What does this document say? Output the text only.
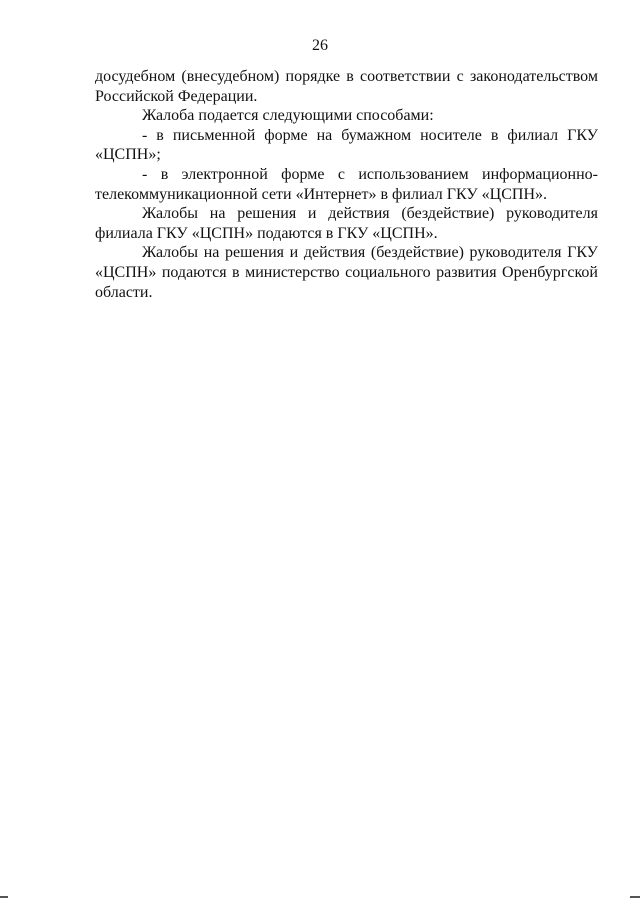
26

досудебном (внесудебном) порядке в соответствии с законодательством Российской Федерации.

Жалоба подается следующими способами:

- в письменной форме на бумажном носителе в филиал ГКУ «ЦСПН»;

- в электронной форме с использованием информационно-телекоммуникационной сети «Интернет» в филиал ГКУ «ЦСПН».

Жалобы на решения и действия (бездействие) руководителя филиала ГКУ «ЦСПН» подаются в ГКУ «ЦСПН».

Жалобы на решения и действия (бездействие) руководителя ГКУ «ЦСПН» подаются в министерство социального развития Оренбургской области.
